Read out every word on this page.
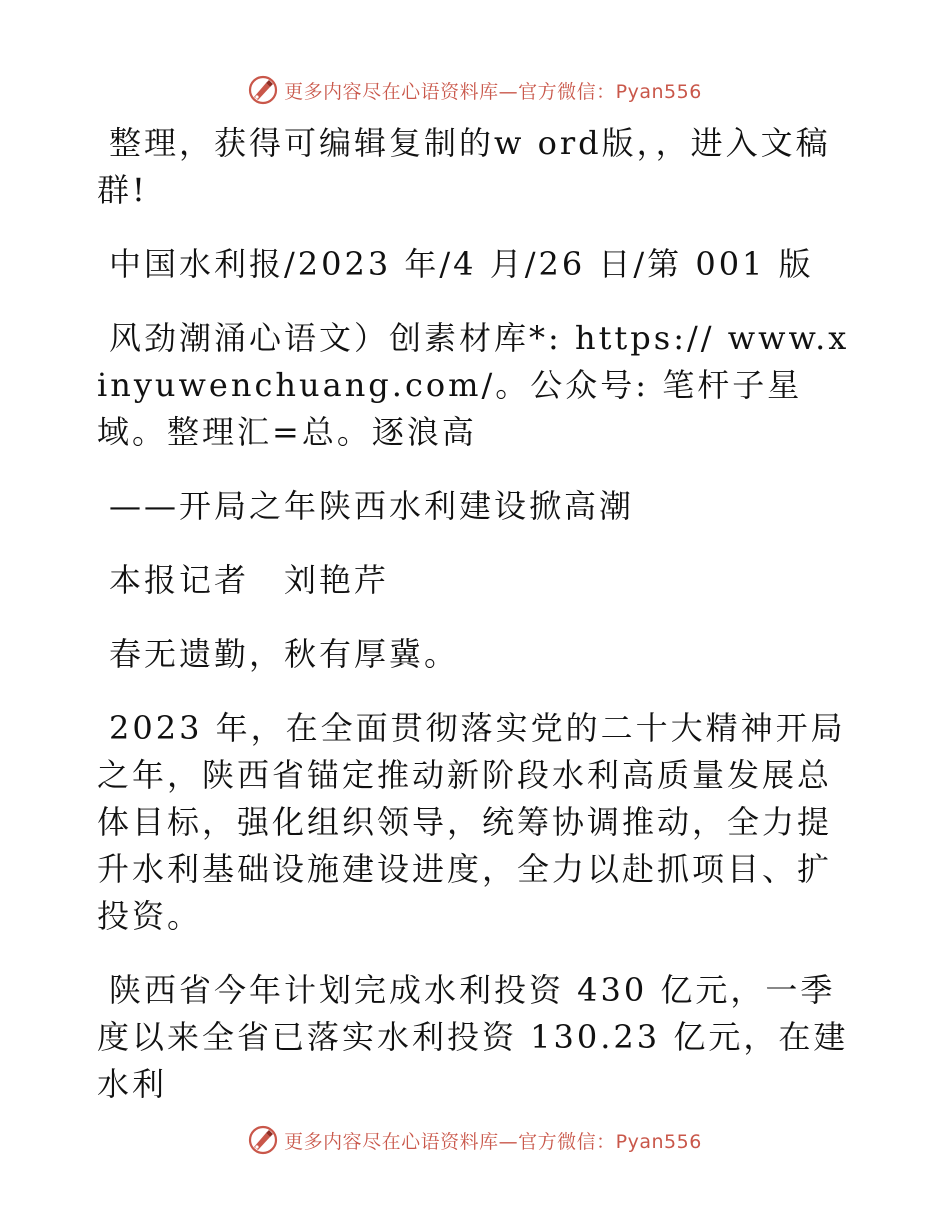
更多内容尽在心语资料库—官方微信：Pyan556

整理，获得可编辑复制的w ord版，，进入文稿群!

中国水利报/2023 年/4 月/26 日/第 001 版

风劲潮涌心语文）创素材库*: https:// www.xinyuwenchuang.com/。公众号: 笔杆子星域。整理汇=总。逐浪高

——开局之年陕西水利建设掀高潮

本报记者　刘艳芹

春无遗勤，秋有厚冀。

2023 年，在全面贯彻落实党的二十大精神开局之年，陕西省锚定推动新阶段水利高质量发展总体目标，强化组织领导，统筹协调推动，全力提升水利基础设施建设进度，全力以赴抓项目、扩投资。

陕西省今年计划完成水利投资 430 亿元，一季度以来全省已落实水利投资 130.23 亿元，在建水利

更多内容尽在心语资料库—官方微信：Pyan556
